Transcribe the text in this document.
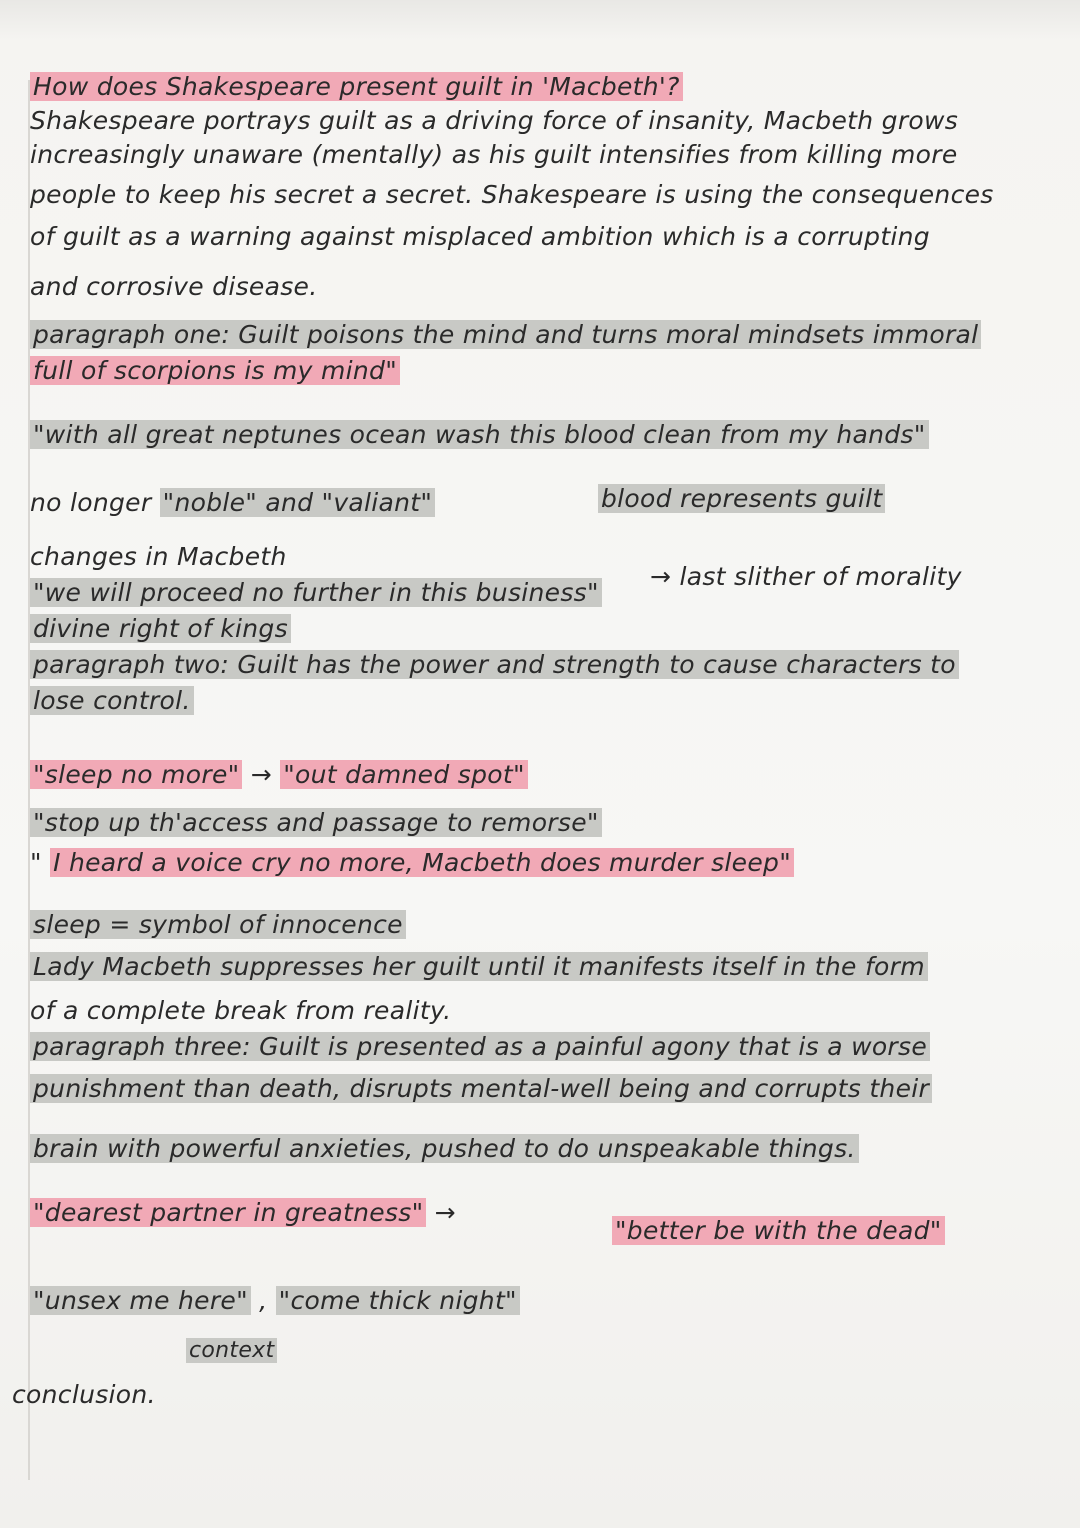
How does Shakespeare present guilt in 'Macbeth'?
Shakespeare portrays guilt as a driving force of insanity, Macbeth grows
increasingly unaware (mentally) as his guilt intensifies from killing more
people to keep his secret a secret. Shakespeare is using the consequences
of guilt as a warning against misplaced ambition which is a corrupting
and corrosive disease.
paragraph one: Guilt poisons the mind and turns moral mindsets immoral
full of scorpions is my mind"
"with all great neptunes ocean wash this blood clean from my hands"
no longer "noble" and "valiant"	blood represents guilt
changes in Macbeth
"we will proceed no further in this business"
→ last slither of morality
divine right of kings
paragraph two: Guilt has the power and strength to cause characters to
lose control.
"sleep no more" → "out damned spot"
"stop up th'access and passage to remorse"
" I heard a voice cry no more, Macbeth does murder sleep"
sleep = symbol of innocence
Lady Macbeth suppresses her guilt until it manifests itself in the form
of a complete break from reality.
paragraph three: Guilt is presented as a painful agony that is a worse
punishment than death, disrupts mental-well being and corrupts their
brain with powerful anxieties, pushed to do unspeakable things.
"dearest partner in greatness" →
"better be with the dead"
"unsex me here" , "come thick night"
context
conclusion.
